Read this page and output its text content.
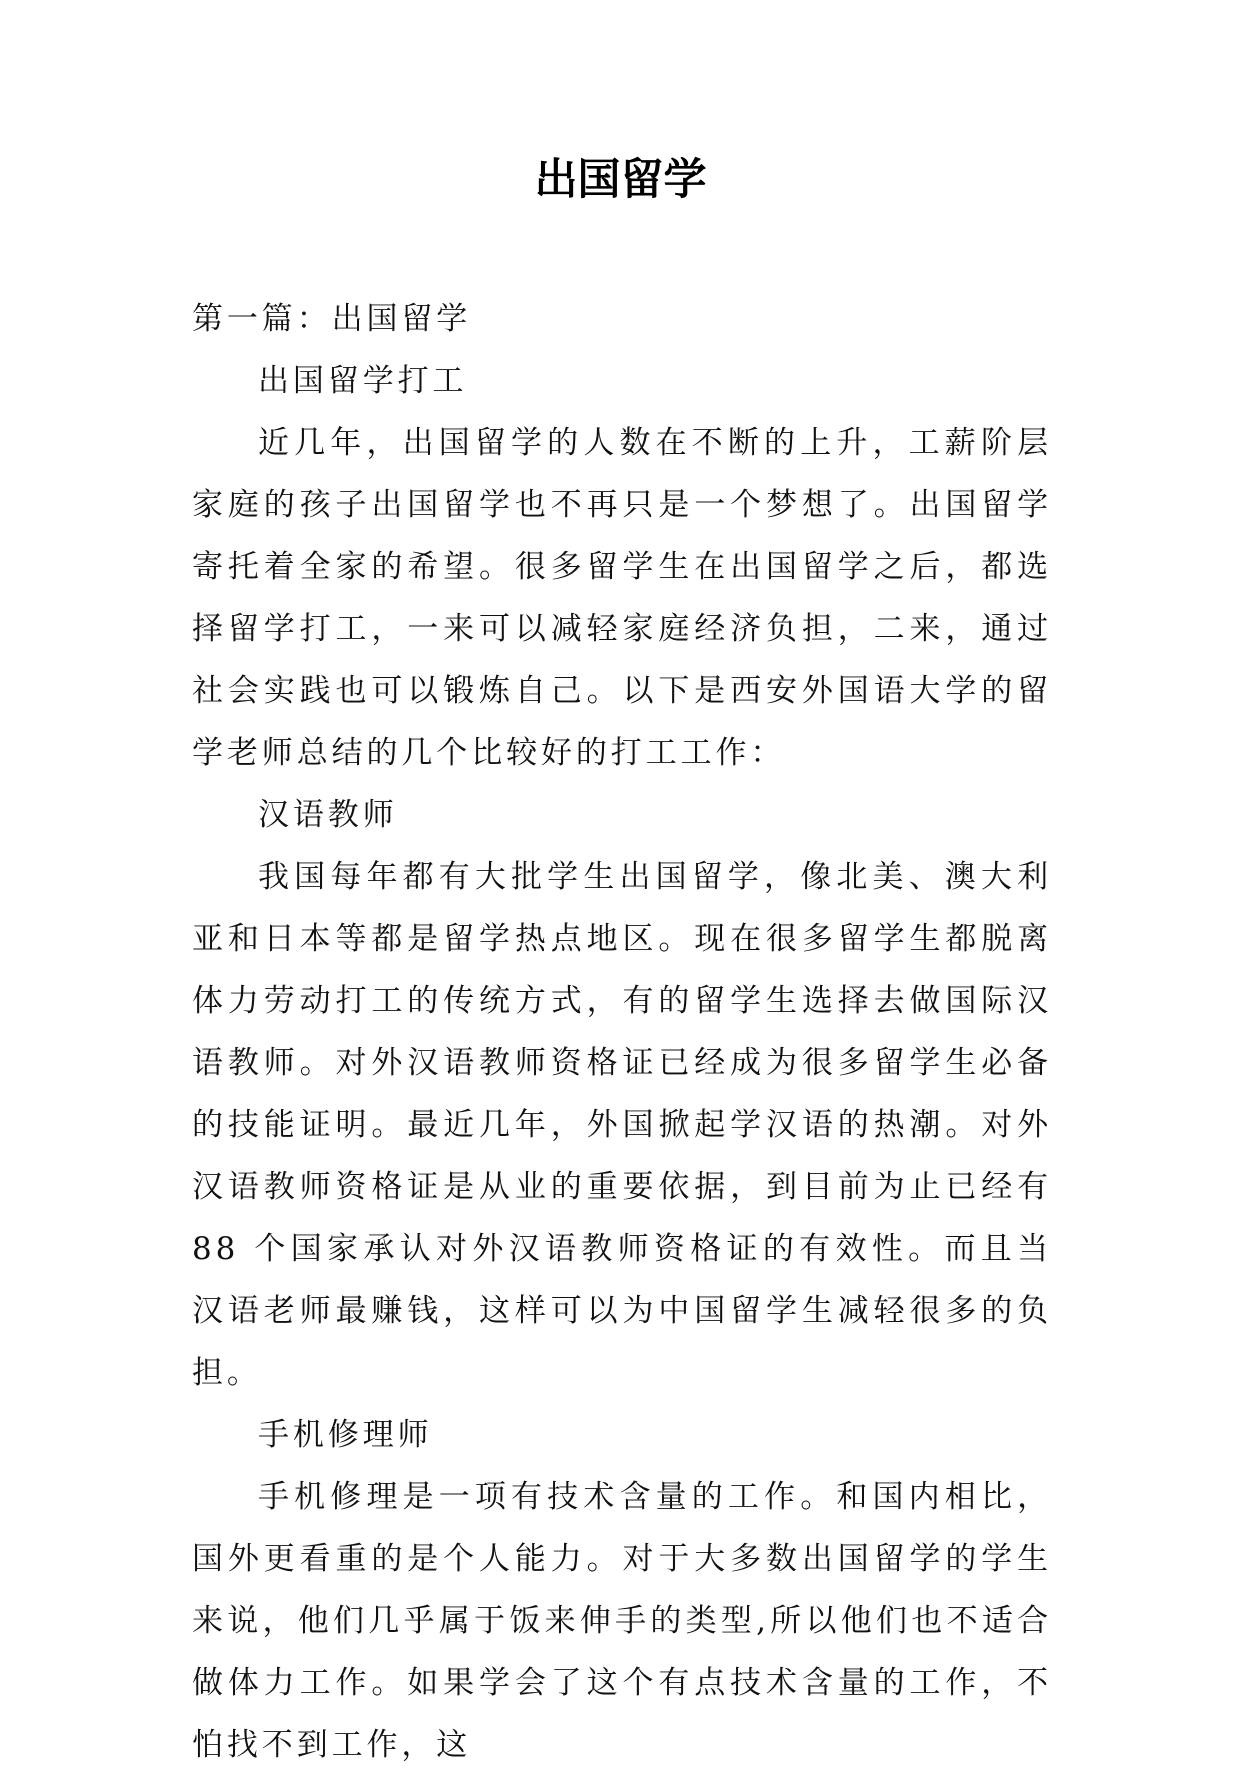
出国留学

第一篇：出国留学

出国留学打工

近几年，出国留学的人数在不断的上升，工薪阶层家庭的孩子出国留学也不再只是一个梦想了。出国留学寄托着全家的希望。很多留学生在出国留学之后，都选择留学打工，一来可以减轻家庭经济负担，二来，通过社会实践也可以锻炼自己。以下是西安外国语大学的留学老师总结的几个比较好的打工工作：

汉语教师

我国每年都有大批学生出国留学，像北美、澳大利亚和日本等都是留学热点地区。现在很多留学生都脱离体力劳动打工的传统方式，有的留学生选择去做国际汉语教师。对外汉语教师资格证已经成为很多留学生必备的技能证明。最近几年，外国掀起学汉语的热潮。对外汉语教师资格证是从业的重要依据，到目前为止已经有 88 个国家承认对外汉语教师资格证的有效性。而且当汉语老师最赚钱，这样可以为中国留学生减轻很多的负担。

手机修理师

手机修理是一项有技术含量的工作。和国内相比，国外更看重的是个人能力。对于大多数出国留学的学生来说，他们几乎属于饭来伸手的类型,所以他们也不适合做体力工作。如果学会了这个有点技术含量的工作，不怕找不到工作，这
